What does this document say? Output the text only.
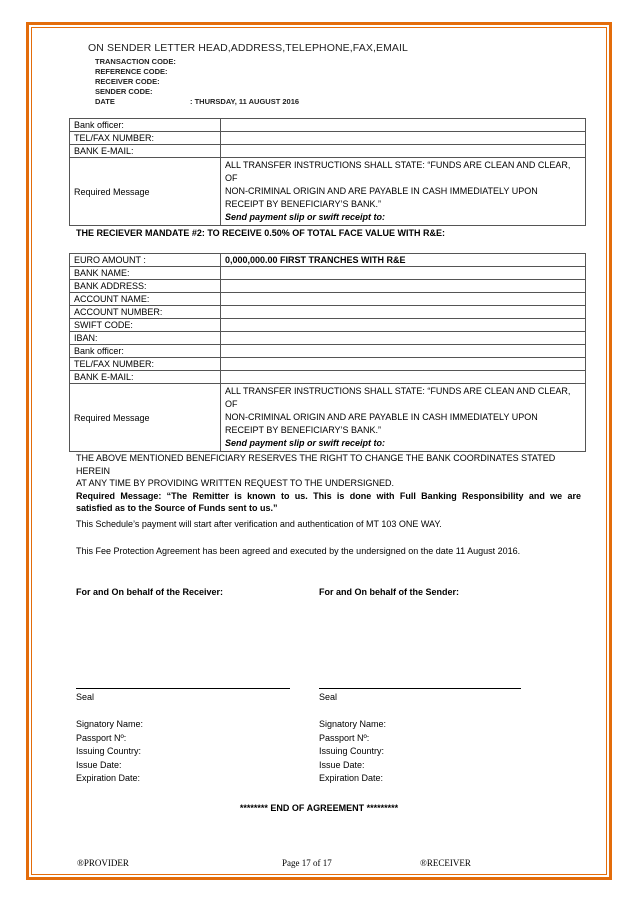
ON SENDER LETTER HEAD,ADDRESS,TELEPHONE,FAX,EMAIL
TRANSACTION CODE:
REFERENCE CODE:
RECEIVER CODE:
SENDER CODE:
DATE	: THURSDAY, 11 AUGUST 2016
Bank officer:	
TEL/FAX NUMBER:	
BANK E-MAIL:	
Required Message	ALL TRANSFER INSTRUCTIONS SHALL STATE: “FUNDS ARE CLEAN AND CLEAR, OF
NON-CRIMINAL ORIGIN AND ARE PAYABLE IN CASH IMMEDIATELY UPON
RECEIPT BY BENEFICIARY’S BANK.”
Send payment slip or swift receipt to:
THE RECIEVER MANDATE #2: TO RECEIVE 0.50% OF TOTAL FACE VALUE WITH R&E:
EURO AMOUNT :	0,000,000.00 FIRST TRANCHES WITH R&E
BANK NAME:	
BANK ADDRESS:	
ACCOUNT NAME:	
ACCOUNT NUMBER:	
SWIFT CODE:	
IBAN:	
Bank officer:	
TEL/FAX NUMBER:	
BANK E-MAIL:	
Required Message	ALL TRANSFER INSTRUCTIONS SHALL STATE: “FUNDS ARE CLEAN AND CLEAR, OF
NON-CRIMINAL ORIGIN AND ARE PAYABLE IN CASH IMMEDIATELY UPON
RECEIPT BY BENEFICIARY’S BANK.”
Send payment slip or swift receipt to:
THE ABOVE MENTIONED BENEFICIARY RESERVES THE RIGHT TO CHANGE THE BANK COORDINATES STATED HEREIN
AT ANY TIME BY PROVIDING WRITTEN REQUEST TO THE UNDERSIGNED.
Required Message: “The Remitter is known to us. This is done with Full Banking Responsibility and we are
satisfied as to the Source of Funds sent to us.”
This Schedule’s payment will start after verification and authentication of MT 103 ONE WAY.
This Fee Protection Agreement has been agreed and executed by the undersigned on the date 11 August 2016.
For and On behalf of the Receiver:	For and On behalf of the Sender:
Seal
Signatory Name:
Passport Nº:
Issuing Country:
Issue Date:
Expiration Date:
Seal
Signatory Name:
Passport Nº:
Issuing Country:
Issue Date:
Expiration Date:
******** END OF AGREEMENT *********
®PROVIDER	Page 17 of 17	®RECEIVER
